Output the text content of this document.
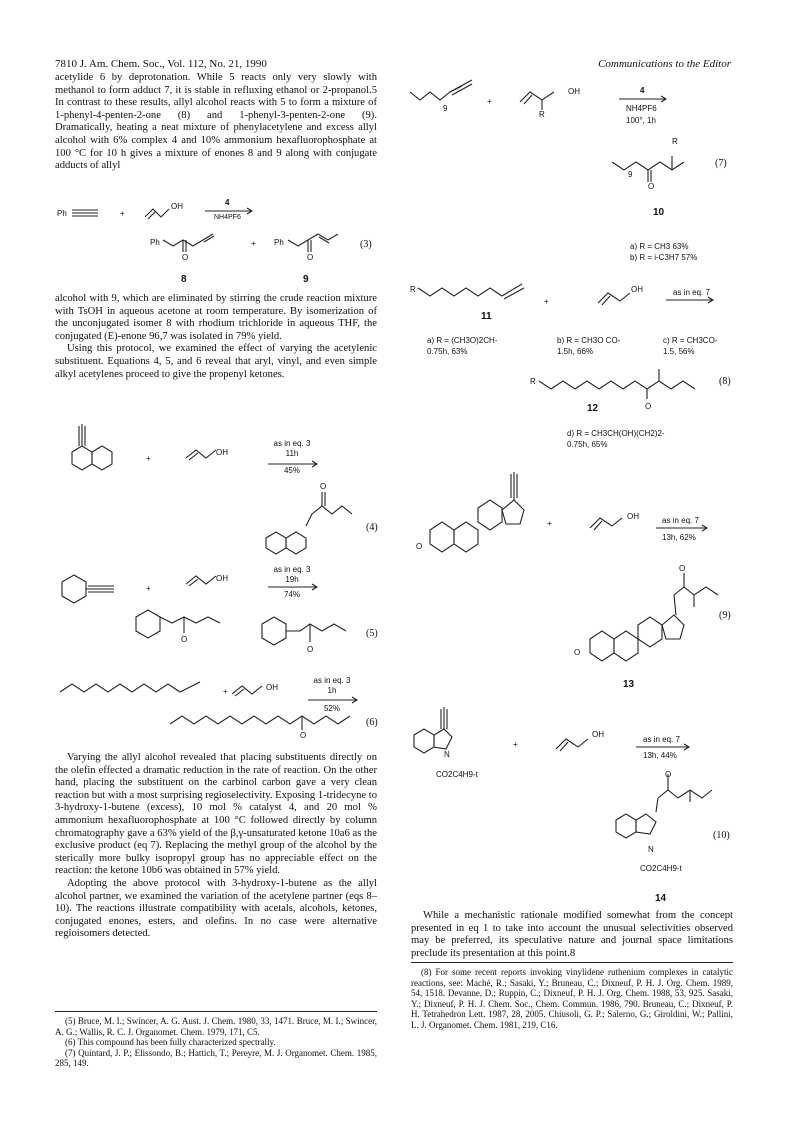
7810 J. Am. Chem. Soc., Vol. 112, No. 21, 1990	Communications to the Editor

acetylide 6 by deprotonation. While 5 reacts only very slowly with methanol to form adduct 7, it is stable in refluxing ethanol or 2-propanol.5 In contrast to these results, allyl alcohol reacts with 5 to form a mixture of 1-phenyl-4-penten-2-one (8) and 1-phenyl-3-penten-2-one (9). Dramatically, heating a neat mixture of phenylacetylene and excess allyl alcohol with 6% complex 4 and 10% ammonium hexafluorophosphate at 100 °C for 10 h gives a mixture of enones 8 and 9 along with conjugate adducts of allyl

Ph	+
OH	4
NH4PF6
Ph
O
+ Ph
O
(3)
8	9

alcohol with 9, which are eliminated by stirring the crude reaction mixture with TsOH in aqueous acetone at room temperature. By isomerization of the unconjugated isomer 8 with rhodium trichloride in aqueous THF, the conjugated (E)-enone 96,7 was isolated in 79% yield.

Using this protocol, we examined the effect of varying the acetylenic substituent. Equations 4, 5, and 6 reveal that aryl, vinyl, and even simple alkyl acetylenes proceed to give the propenyl ketones.

+
OH
as in eq. 3
11h
45%
O
(4)
+
OH
as in eq. 3
19h
74%
O
O
(5)
+	OH
as in eq. 3
1h
52%
O
(6)

Varying the allyl alcohol revealed that placing substituents directly on the olefin effected a dramatic reduction in the rate of reaction. On the other hand, placing the substituent on the carbinol carbon gave a very clean reaction but with a most surprising regioselectivity. Exposing 1-tridecyne to 3-hydroxy-1-butene (excess), 10 mol % catalyst 4, and 20 mol % ammonium hexafluorophosphate at 100 °C followed directly by column chromatography gave a 63% yield of the β,γ-unsaturated ketone 10a6 as the exclusive product (eq 7). Replacing the methyl group of the alcohol by the sterically more bulky isopropyl group has no appreciable effect on the reaction: the ketone 10b6 was obtained in 57% yield.

Adopting the above protocol with 3-hydroxy-1-butene as the allyl alcohol partner, we examined the variation of the acetylene partner (eqs 8–10). The reactions illustrate compatibility with acetals, alcohols, ketones, conjugated enones, esters, and olefins. In no case were alternative regioisomers detected.

(5) Bruce, M. I.; Swincer, A. G. Aust. J. Chem. 1980, 33, 1471. Bruce, M. I.; Swincer, A. G.; Wallis, R. C. J. Organomet. Chem. 1979, 171, C5.

(6) This compound has been fully characterized spectrally.

(7) Quintard, J. P.; Elissondo, B.; Hattich, T.; Pereyre, M. J. Organomet. Chem. 1985, 285, 149.

9
+
OH
R
4
NH4PF6
100°, 1h
R
9
O
(7)
10
a) R = CH3 63%
b) R = i-C3H7 57%
R
11
+
OH	as in eq. 7
a) R = (CH3O)2CH-
0.75h, 63%
b) R = CH3O CO-
1.5h, 66%
c) R = CH3CO-
1.5, 56%
R
O
(8)
12
d) R = CH3CH(OH)(CH2)2-
0.75h, 65%
O
+
OH	as in eq. 7
13h, 62%
O
O
(9)
13
N
CO2C4H9-t
+
OH
as in eq. 7
13h, 44%
O
N
CO2C4H9-t
(10)
14

While a mechanistic rationale modified somewhat from the concept presented in eq 1 to take into account the unusual selectivities observed may be preferred, its speculative nature and journal space limitations preclude its presentation at this point.8

(8) For some recent reports invoking vinylidene ruthenium complexes in catalytic reactions, see: Maché, R.; Sasaki, Y.; Bruneau, C.; Dixneuf, P. H. J. Org. Chem. 1989, 54, 1518. Devanne, D.; Ruppin, C.; Dixneuf, P. H. J. Org. Chem. 1988, 53, 925. Sasaki, Y.; Dixneuf, P. H. J. Chem. Soc., Chem. Commun. 1986, 790. Bruneau, C.; Dixneuf, P. H. Tetrahedron Lett. 1987, 28, 2005. Chiusoli, G. P.; Salerno, G.; Giroldini, W.; Pallini, L. J. Organomet. Chem. 1981, 219, C16.
